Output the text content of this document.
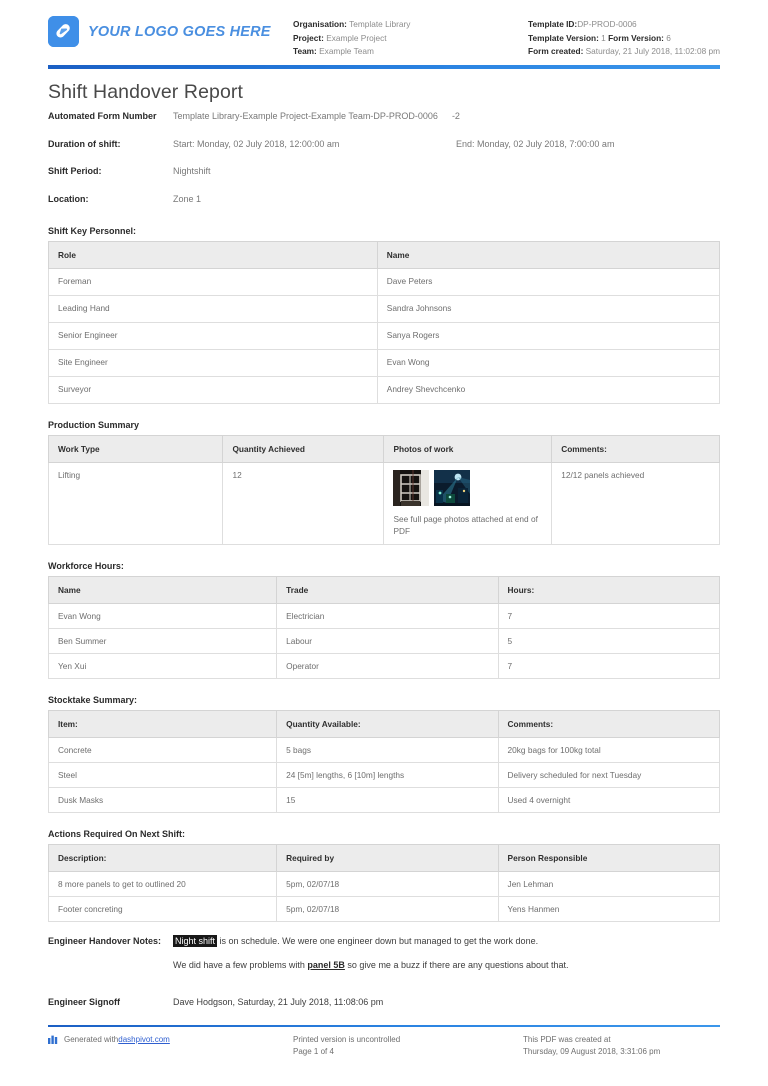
YOUR LOGO GOES HERE	Organisation: Template Library
Project: Example Project
Team: Example Team
Template ID:DP-PROD-0006
Template Version: 1 Form Version: 6
Form created: Saturday, 21 July 2018, 11:02:08 pm
Shift Handover Report
Automated Form Number	Template Library-Example Project-Example Team-DP-PROD-0006 -2
Duration of shift:	Start: Monday, 02 July 2018, 12:00:00 am	End: Monday, 02 July 2018, 7:00:00 am
Shift Period:	Nightshift
Location:	Zone 1
Shift Key Personnel:
Role	Name
Foreman	Dave Peters
Leading Hand	Sandra Johnsons
Senior Engineer	Sanya Rogers
Site Engineer	Evan Wong
Surveyor	Andrey Shevchcenko
Production Summary
Work Type	Quantity Achieved	Photos of work	Comments:
Lifting	12	See full page photos attached at end of PDF	12/12 panels achieved
Workforce Hours:
Name	Trade	Hours:
Evan Wong	Electrician	7
Ben Summer	Labour	5
Yen Xui	Operator	7
Stocktake Summary:
Item:	Quantity Available:	Comments:
Concrete	5 bags	20kg bags for 100kg total
Steel	24 [5m] lengths, 6 [10m] lengths	Delivery scheduled for next Tuesday
Dusk Masks	15	Used 4 overnight
Actions Required On Next Shift:
Description:	Required by	Person Responsible
8 more panels to get to outlined 20	5pm, 02/07/18	Jen Lehman
Footer concreting	5pm, 02/07/18	Yens Hanmen
Engineer Handover Notes:	Night shift is on schedule. We were one engineer down but managed to get the work done.

We did have a few problems with panel 5B so give me a buzz if there are any questions about that.

Engineer Signoff	Dave Hodgson, Saturday, 21 July 2018, 11:08:06 pm
Generated with dashpivot.com	Printed version is uncontrolled
Page 1 of 4
This PDF was created at
Thursday, 09 August 2018, 3:31:06 pm
